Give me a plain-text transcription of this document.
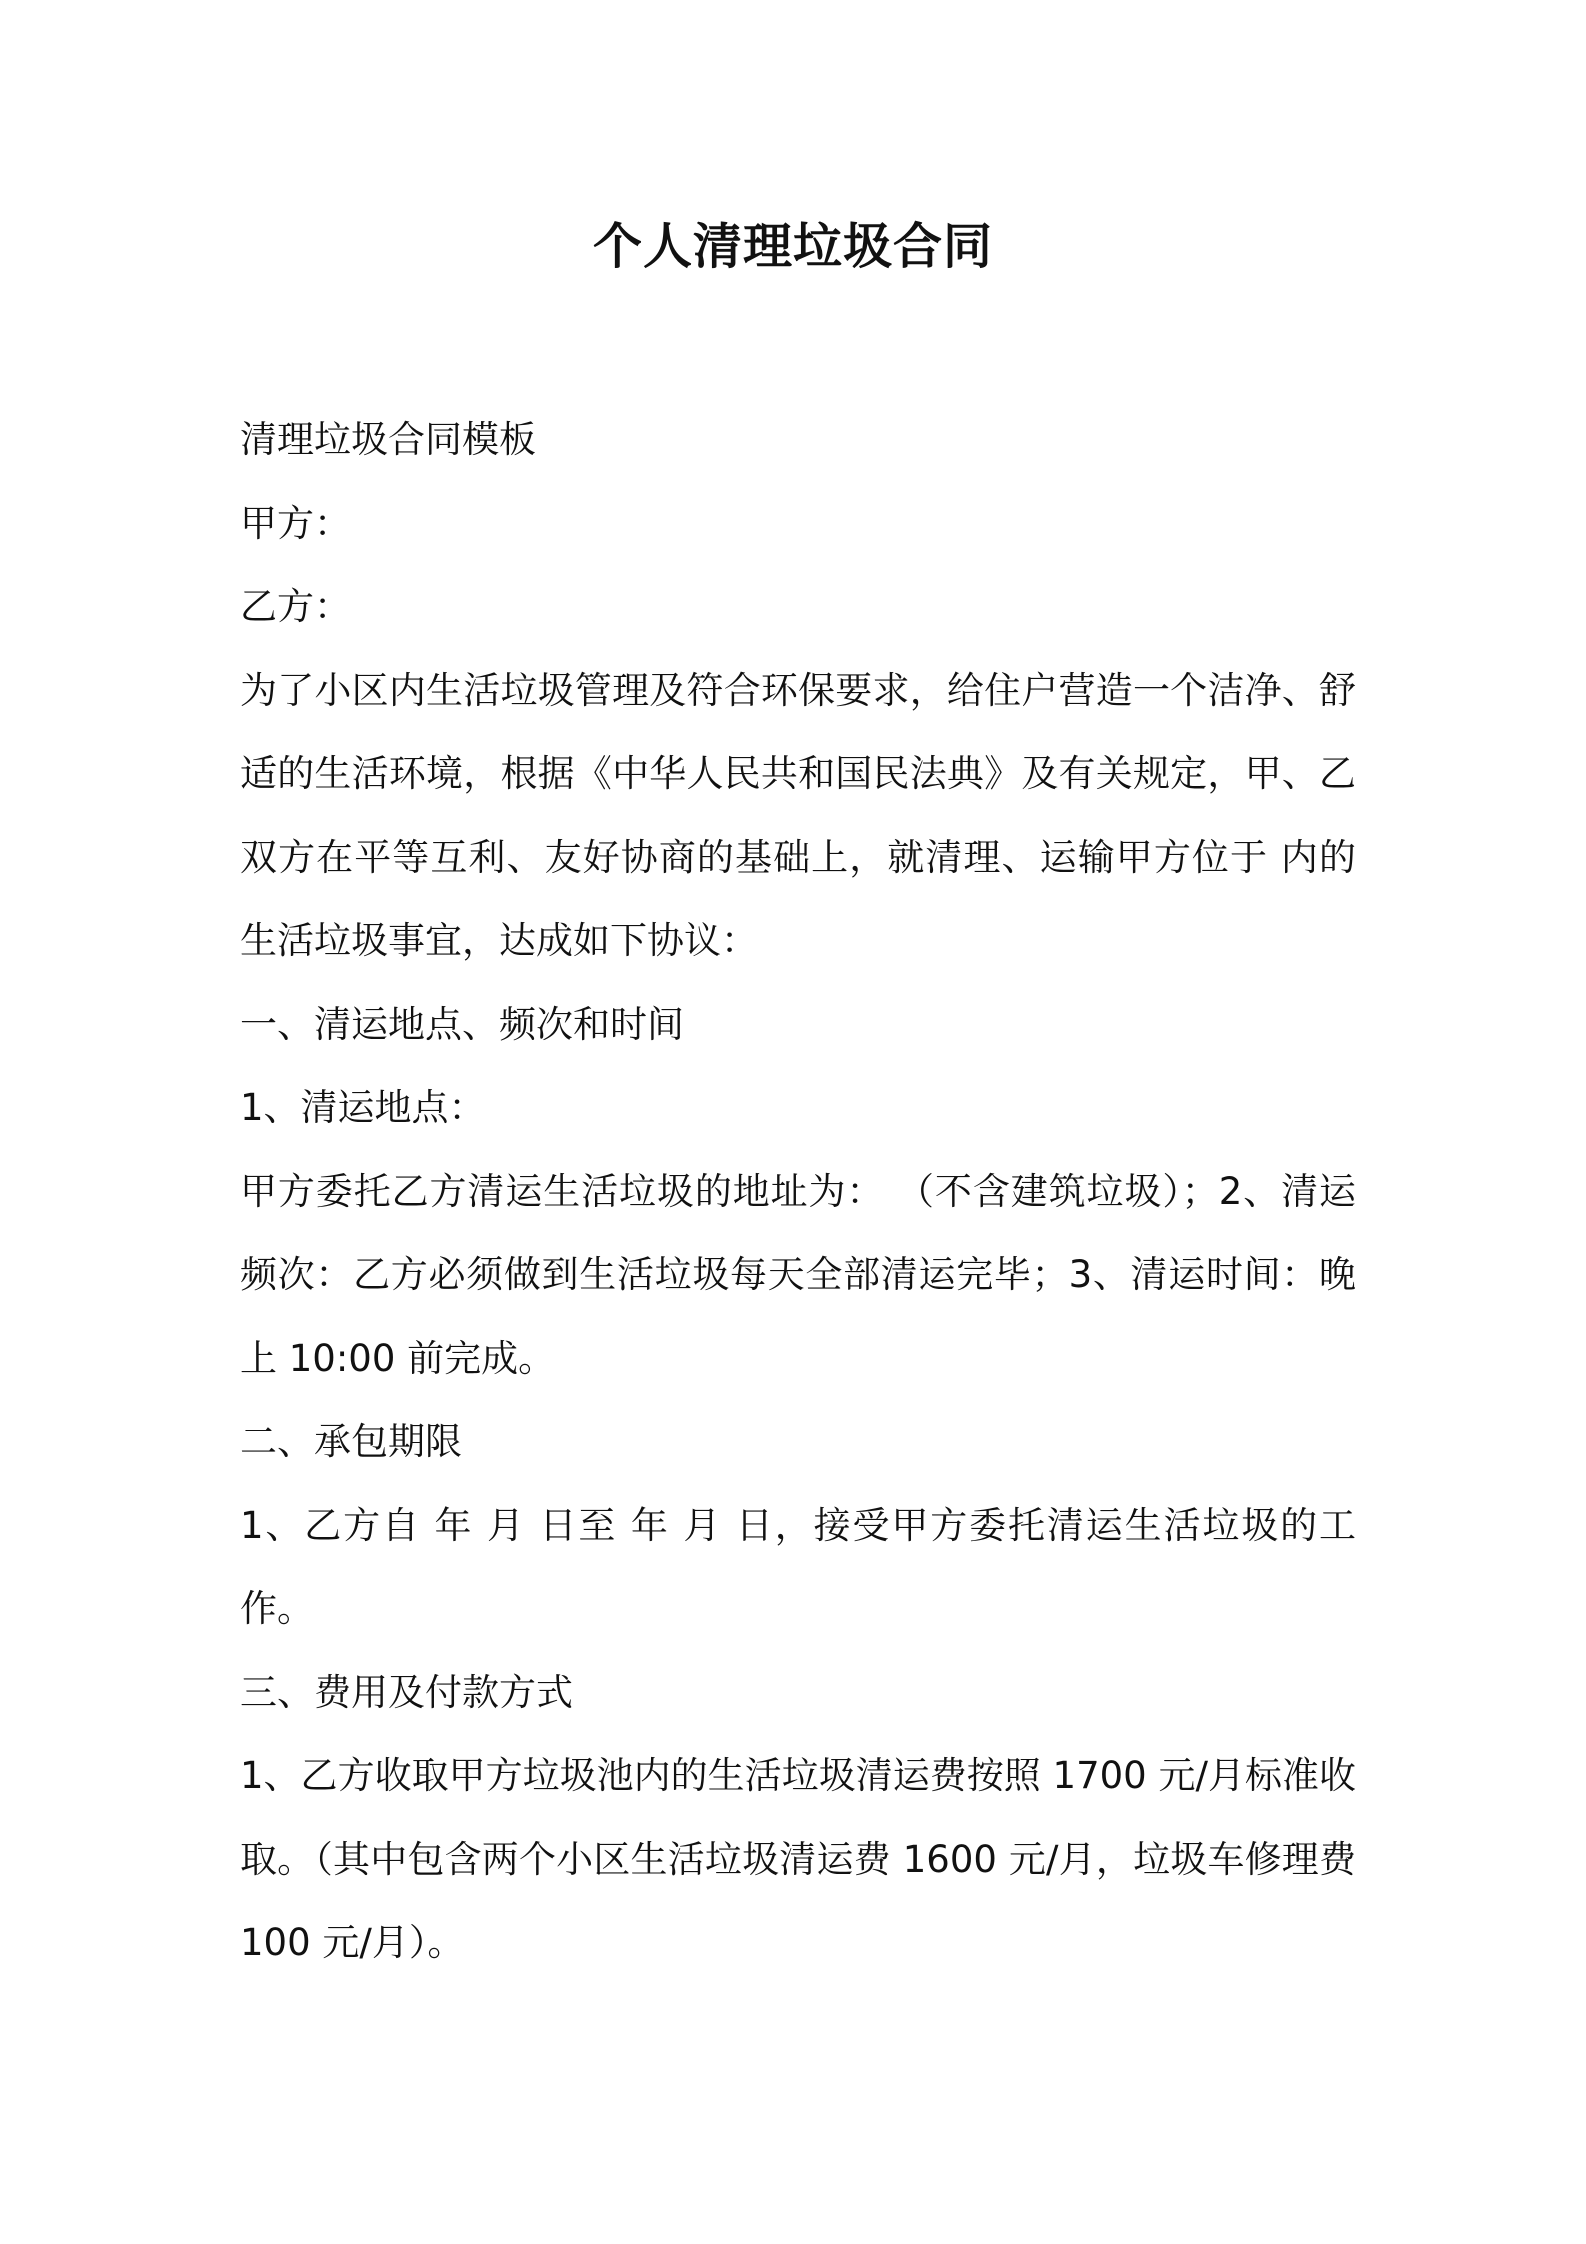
个人清理垃圾合同

清理垃圾合同模板

甲方：

乙方：

为了小区内生活垃圾管理及符合环保要求，给住户营造一个洁净、舒适的生活环境，根据《中华人民共和国民法典》及有关规定，甲、乙双方在平等互利、友好协商的基础上，就清理、运输甲方位于 内的生活垃圾事宜，达成如下协议：

一、清运地点、频次和时间

1、清运地点：

甲方委托乙方清运生活垃圾的地址为： （不含建筑垃圾）；2、清运频次：乙方必须做到生活垃圾每天全部清运完毕；3、清运时间：晚上 10:00 前完成。

二、承包期限

1、乙方自 年 月 日至 年 月 日，接受甲方委托清运生活垃圾的工作。

三、费用及付款方式

1、乙方收取甲方垃圾池内的生活垃圾清运费按照 1700 元/月标准收取。（其中包含两个小区生活垃圾清运费 1600 元/月，垃圾车修理费 100 元/月）。
